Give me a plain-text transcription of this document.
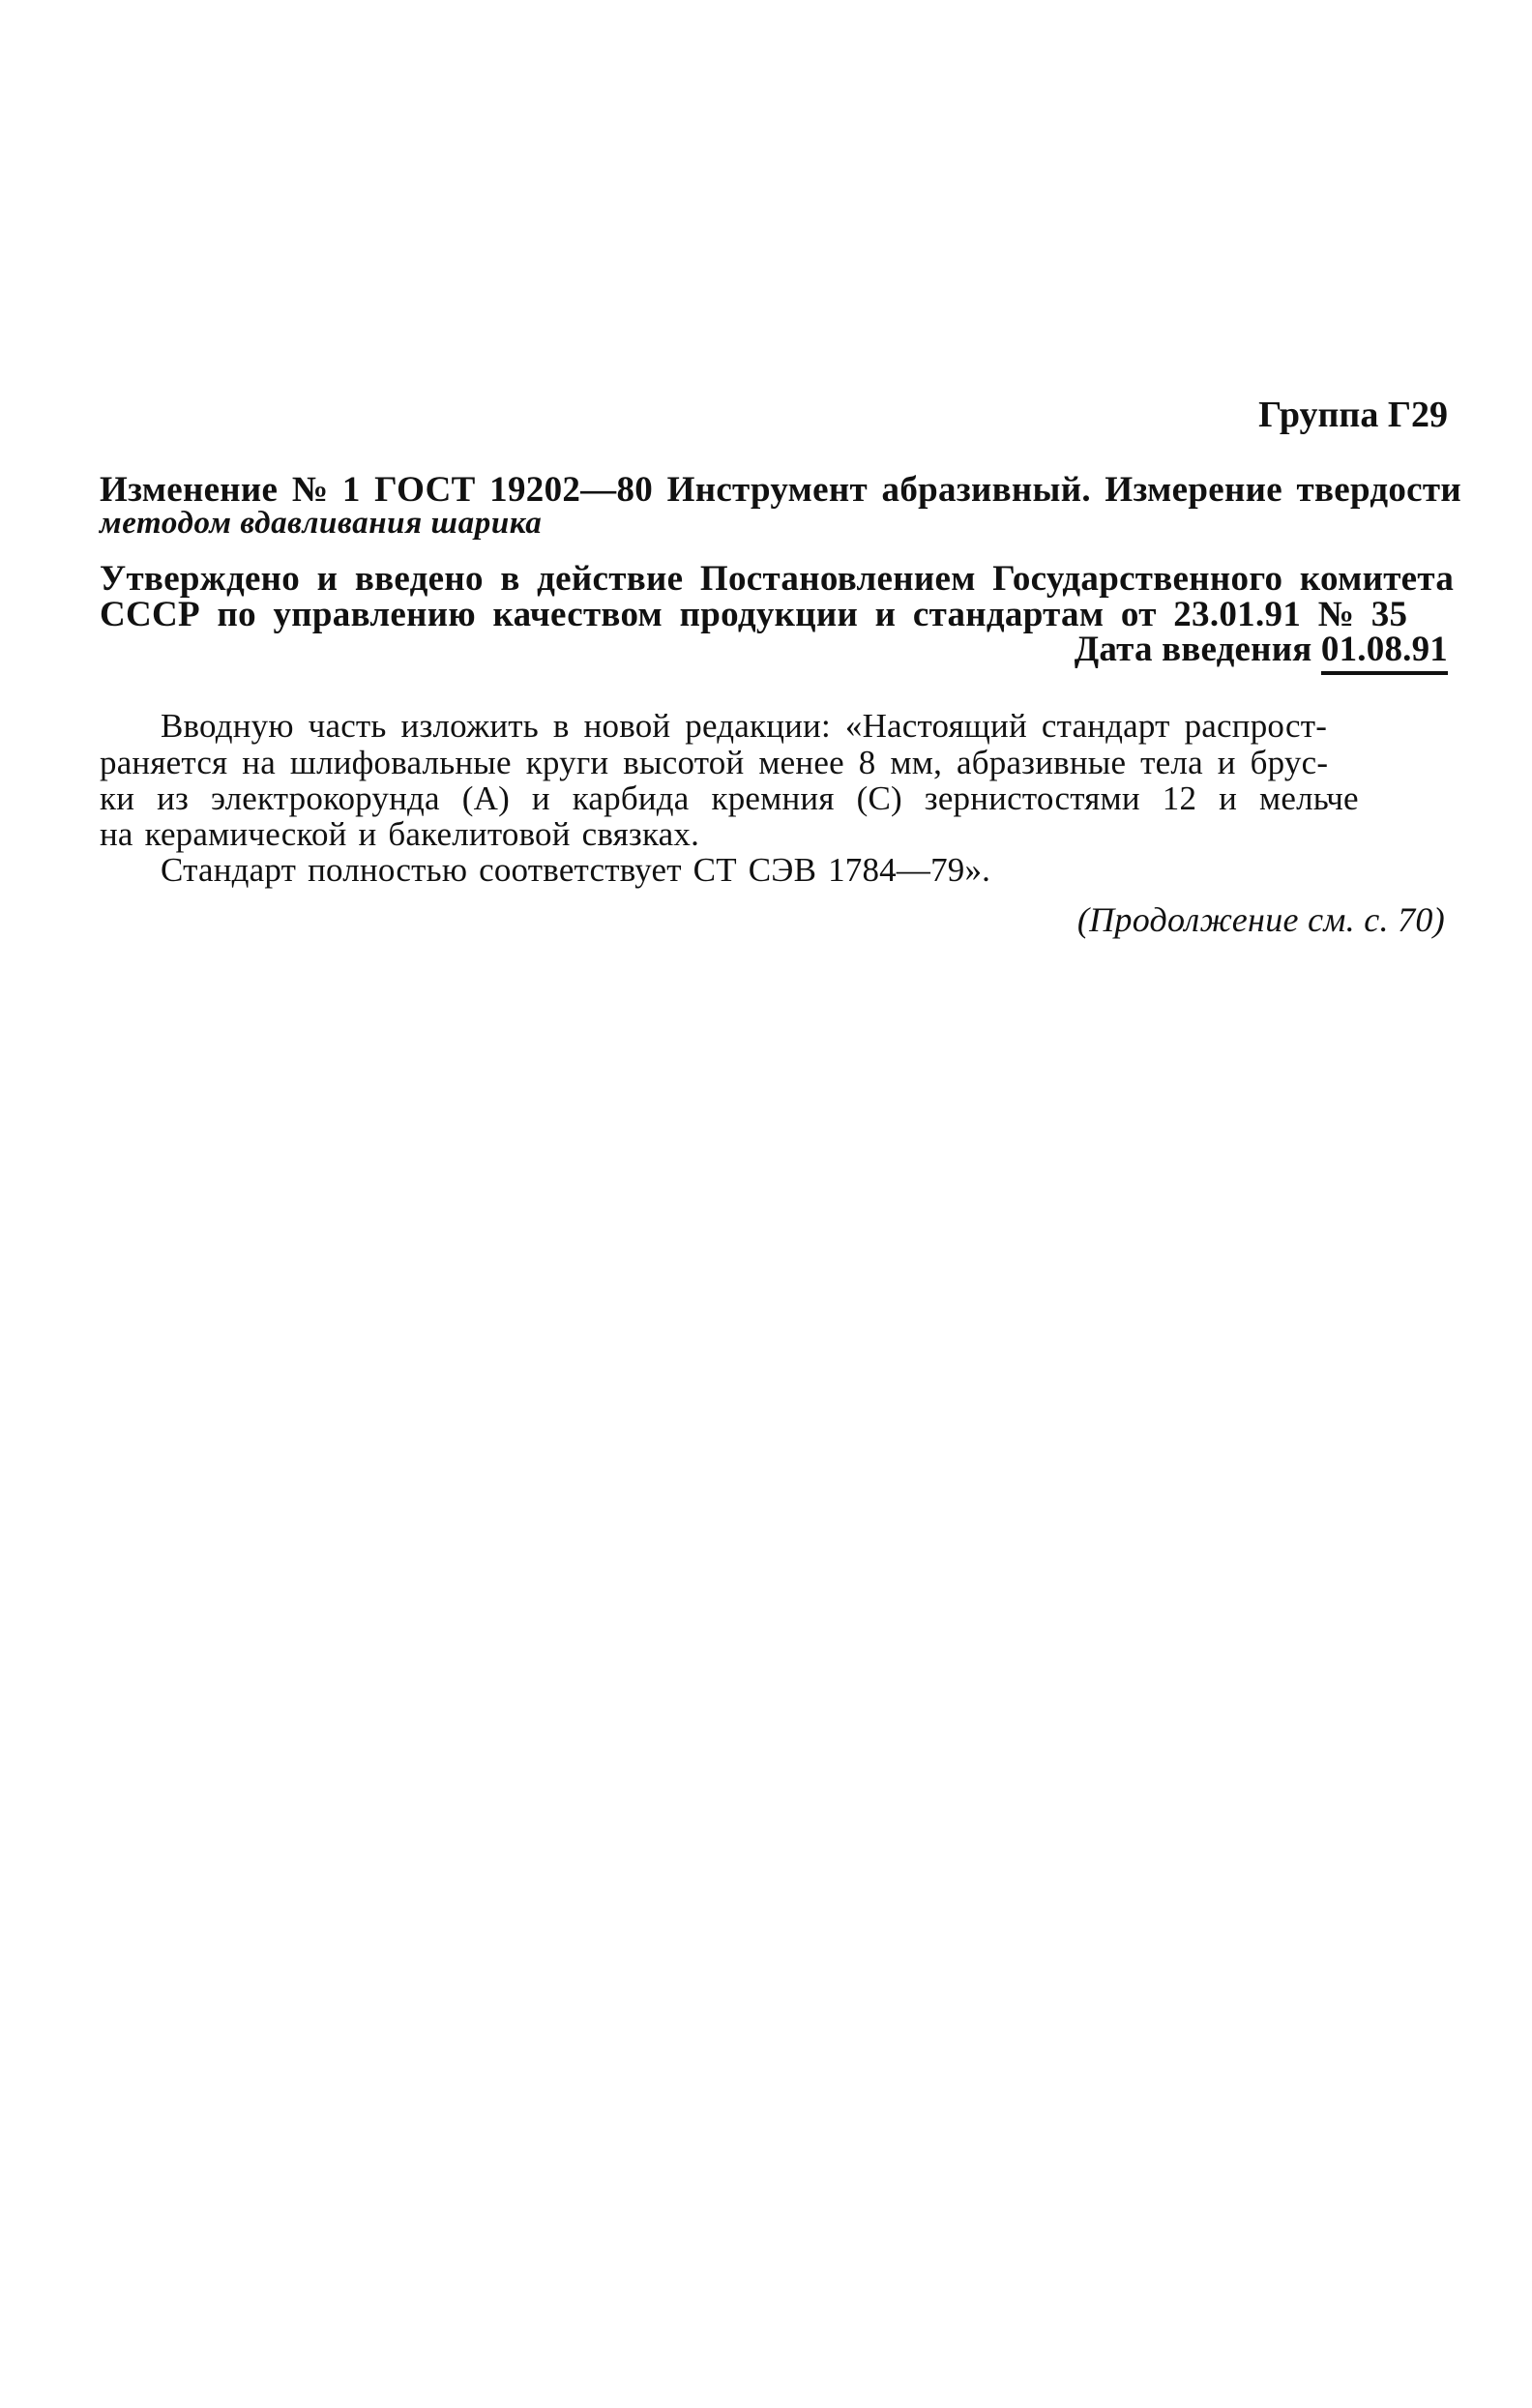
Группа Г29
Изменение № 1 ГОСТ 19202—80 Инструмент абразивный. Измерение твердости
методом вдавливания шарика
Утверждено и введено в действие Постановлением Государственного комитета
СССР по управлению качеством продукции и стандартам от 23.01.91 № 35
Дата введения 01.08.91
Вводную часть изложить в новой редакции: «Настоящий стандарт распрост-
раняется на шлифовальные круги высотой менее 8 мм, абразивные тела и брус-
ки из электрокорунда (А) и карбида кремния (С) зернистостями 12 и мельче
на керамической и бакелитовой связках.
Стандарт полностью соответствует СТ СЭВ 1784—79».
(Продолжение см. с. 70)
